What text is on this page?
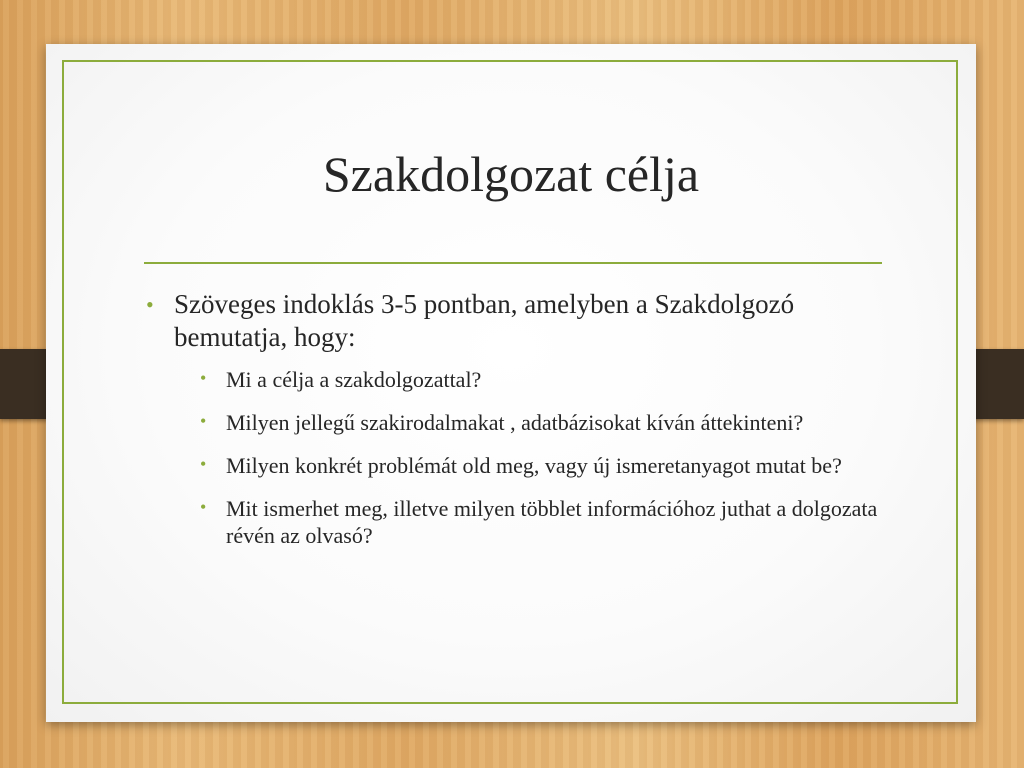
Szakdolgozat célja
• Szöveges indoklás 3-5 pontban, amelyben a Szakdolgozó bemutatja, hogy:
• Mi a célja a szakdolgozattal?
• Milyen jellegű szakirodalmakat , adatbázisokat kíván áttekinteni?
• Milyen konkrét problémát old meg, vagy új ismeretanyagot mutat be?
• Mit ismerhet meg, illetve milyen többlet információhoz juthat a dolgozata révén az olvasó?
